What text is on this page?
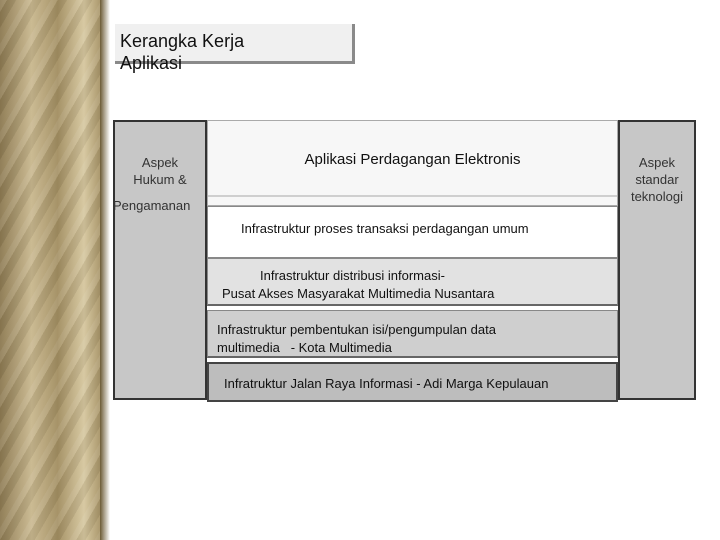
Kerangka Kerja
Aplikasi
Aspek
Hukum &
Pengamanan
Aspek
standar
teknologi
Aplikasi Perdagangan Elektronis
Infrastruktur proses transaksi perdagangan umum
Infrastruktur distribusi informasi-
Pusat Akses Masyarakat Multimedia Nusantara
Infrastruktur pembentukan isi/pengumpulan data
multimedia   - Kota Multimedia
Infratruktur Jalan Raya Informasi - Adi Marga Kepulauan
